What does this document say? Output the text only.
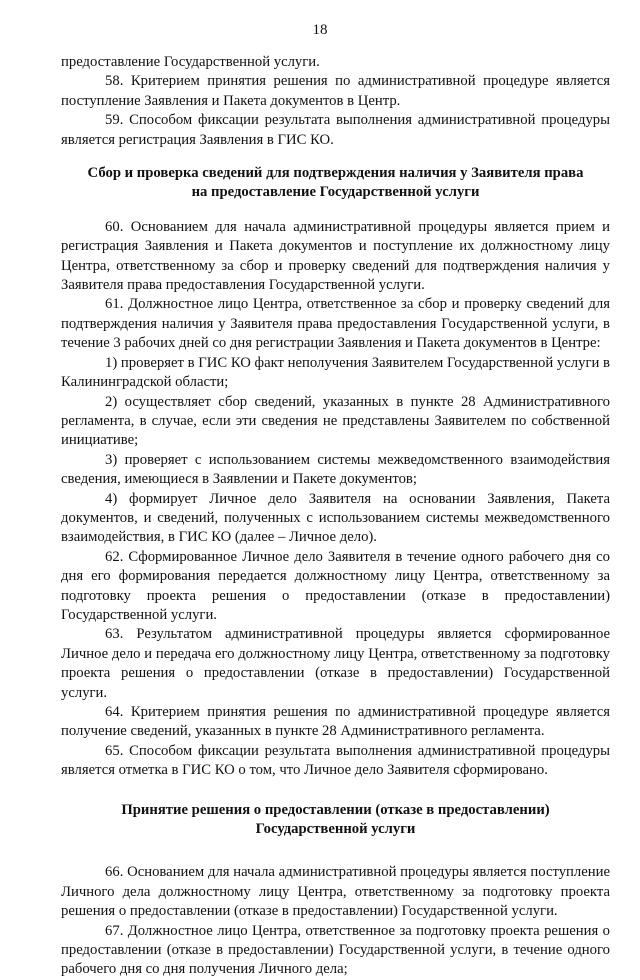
18

предоставление Государственной услуги.

58. Критерием принятия решения по административной процедуре является поступление Заявления и Пакета документов в Центр.

59. Способом фиксации результата выполнения административной процедуры является регистрация Заявления в ГИС КО.

Сбор и проверка сведений для подтверждения наличия у Заявителя права
на предоставление Государственной услуги

60. Основанием для начала административной процедуры является прием и регистрация Заявления и Пакета документов и поступление их должностному лицу Центра, ответственному за сбор и проверку сведений для подтверждения наличия у Заявителя права предоставления Государственной услуги.

61. Должностное лицо Центра, ответственное за сбор и проверку сведений для подтверждения наличия у Заявителя права предоставления Государственной услуги, в течение 3 рабочих дней со дня регистрации Заявления и Пакета документов в Центре:

1) проверяет в ГИС КО факт неполучения Заявителем Государственной услуги в Калининградской области;

2) осуществляет сбор сведений, указанных в пункте 28 Административного регламента, в случае, если эти сведения не представлены Заявителем по собственной инициативе;

3) проверяет с использованием системы межведомственного взаимодействия сведения, имеющиеся в Заявлении и Пакете документов;

4) формирует Личное дело Заявителя на основании Заявления, Пакета документов, и сведений, полученных с использованием системы межведомственного взаимодействия, в ГИС КО (далее – Личное дело).

62. Сформированное Личное дело Заявителя в течение одного рабочего дня со дня его формирования передается должностному лицу Центра, ответственному за подготовку проекта решения о предоставлении (отказе в предоставлении) Государственной услуги.

63. Результатом административной процедуры является сформированное Личное дело и передача его должностному лицу Центра, ответственному за подготовку проекта решения о предоставлении (отказе в предоставлении) Государственной услуги.

64. Критерием принятия решения по административной процедуре является получение сведений, указанных в пункте 28 Административного регламента.

65. Способом фиксации результата выполнения административной процедуры является отметка в ГИС КО о том, что Личное дело Заявителя сформировано.

Принятие решения о предоставлении (отказе в предоставлении)
Государственной услуги

66. Основанием для начала административной процедуры является поступление Личного дела должностному лицу Центра, ответственному за подготовку проекта решения о предоставлении (отказе в предоставлении) Государственной услуги.

67. Должностное лицо Центра, ответственное за подготовку проекта решения о предоставлении (отказе в предоставлении) Государственной услуги, в течение одного рабочего дня со дня получения Личного дела;
